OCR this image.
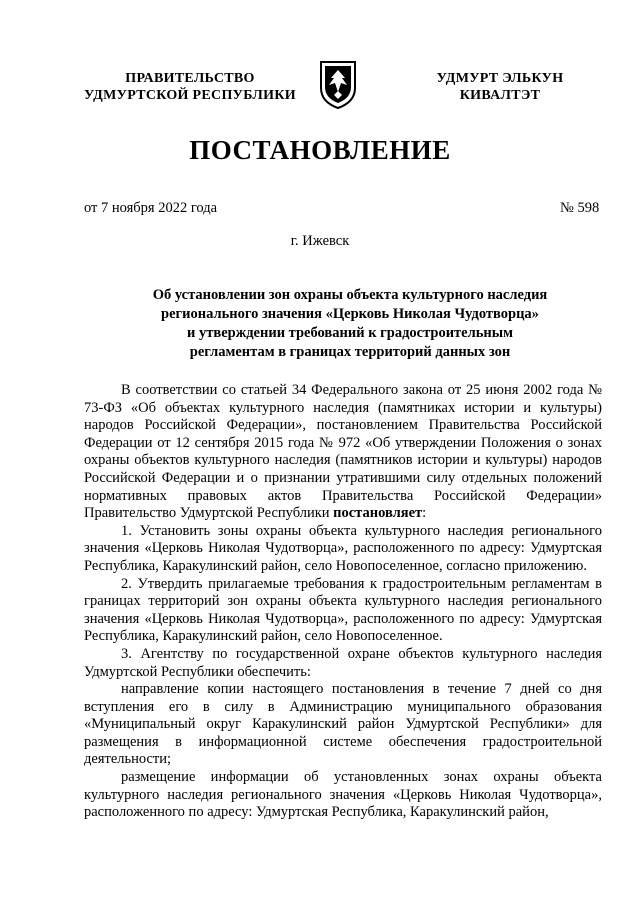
ПРАВИТЕЛЬСТВО
УДМУРТСКОЙ РЕСПУБЛИКИ
УДМУРТ ЭЛЬКУН
КИВАЛТЭТ
ПОСТАНОВЛЕНИЕ
от 7 ноября 2022 года	№ 598
г. Ижевск
Об установлении зон охраны объекта культурного наследия
регионального значения «Церковь Николая Чудотворца»
и утверждении требований к градостроительным
регламентам в границах территорий данных зон

В соответствии со статьей 34 Федерального закона от 25 июня 2002 года № 73-ФЗ «Об объектах культурного наследия (памятниках истории и культуры) народов Российской Федерации», постановлением Правительства Российской Федерации от 12 сентября 2015 года № 972 «Об утверждении Положения о зонах охраны объектов культурного наследия (памятников истории и культуры) народов Российской Федерации и о признании утратившими силу отдельных положений нормативных правовых актов Правительства Российской Федерации» Правительство Удмуртской Республики постановляет:

1. Установить зоны охраны объекта культурного наследия регионального значения «Церковь Николая Чудотворца», расположенного по адресу: Удмуртская Республика, Каракулинский район, село Новопоселенное, согласно приложению.

2. Утвердить прилагаемые требования к градостроительным регламентам в границах территорий зон охраны объекта культурного наследия регионального значения «Церковь Николая Чудотворца», расположенного по адресу: Удмуртская Республика, Каракулинский район, село Новопоселенное.

3. Агентству по государственной охране объектов культурного наследия Удмуртской Республики обеспечить:

направление копии настоящего постановления в течение 7 дней со дня вступления его в силу в Администрацию муниципального образования «Муниципальный округ Каракулинский район Удмуртской Республики» для размещения в информационной системе обеспечения градостроительной деятельности;

размещение информации об установленных зонах охраны объекта культурного наследия регионального значения «Церковь Николая Чудотворца», расположенного по адресу: Удмуртская Республика, Каракулинский район,
